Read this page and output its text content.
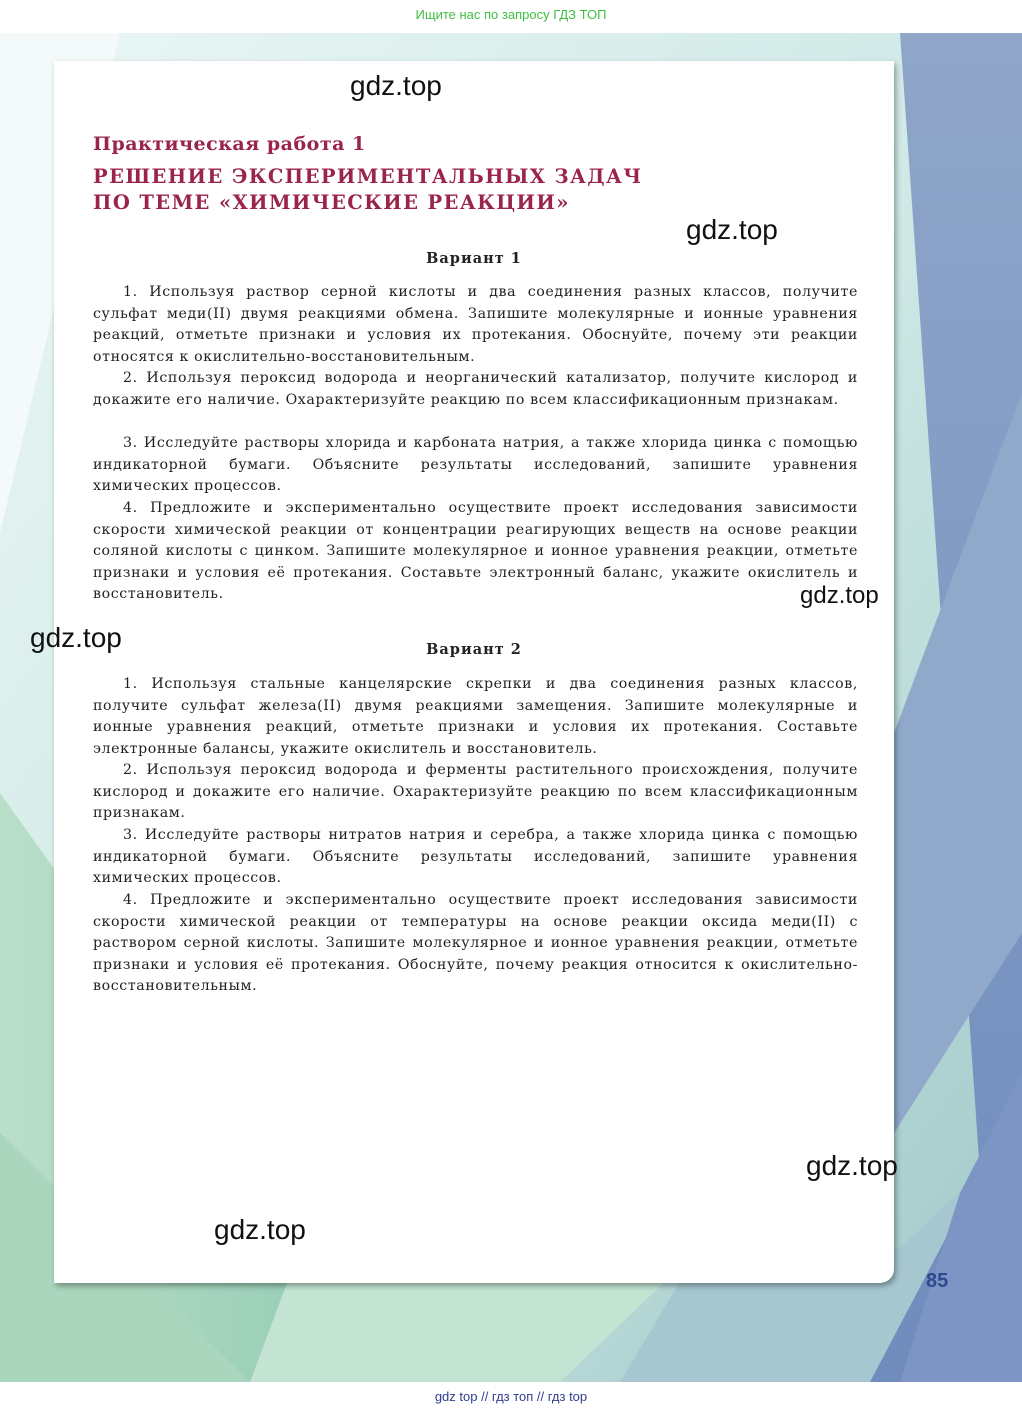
Ищите нас по запросу ГДЗ ТОП
Практическая работа 1
РЕШЕНИЕ ЭКСПЕРИМЕНТАЛЬНЫХ ЗАДАЧ
ПО ТЕМЕ «ХИМИЧЕСКИЕ РЕАКЦИИ»
Вариант 1

1. Используя раствор серной кислоты и два соединения разных классов, получите сульфат меди(II) двумя реакциями обмена. Запишите молекулярные и ионные уравнения реакций, отметьте признаки и условия их протекания. Обоснуйте, почему эти реакции относятся к окислительно-восстановительным.

2. Используя пероксид водорода и неорганический катализатор, получите кислород и докажите его наличие. Охарактеризуйте реакцию по всем классификационным признакам.

3. Исследуйте растворы хлорида и карбоната натрия, а также хлорида цинка с помощью индикаторной бумаги. Объясните результаты исследований, запишите уравнения химических процессов.

4. Предложите и экспериментально осуществите проект исследования зависимости скорости химической реакции от концентрации реагирующих веществ на основе реакции соляной кислоты с цинком. Запишите молекулярное и ионное уравнения реакции, отметьте признаки и условия её протекания. Составьте электронный баланс, укажите окислитель и восстановитель.

Вариант 2

1. Используя стальные канцелярские скрепки и два соединения разных классов, получите сульфат железа(II) двумя реакциями замещения. Запишите молекулярные и ионные уравнения реакций, отметьте признаки и условия их протекания. Составьте электронные балансы, укажите окислитель и восстановитель.

2. Используя пероксид водорода и ферменты растительного происхождения, получите кислород и докажите его наличие. Охарактеризуйте реакцию по всем классификационным признакам.

3. Исследуйте растворы нитратов натрия и серебра, а также хлорида цинка с помощью индикаторной бумаги. Объясните результаты исследований, запишите уравнения химических процессов.

4. Предложите и экспериментально осуществите проект исследования зависимости скорости химической реакции от температуры на основе реакции оксида меди(II) с раствором серной кислоты. Запишите молекулярное и ионное уравнения реакции, отметьте признаки и условия её протекания. Обоснуйте, почему реакция относится к окислительно-восстановительным.

gdz.top
gdz.top
gdz.top
gdz.top
gdz.top
gdz.top
85
gdz top // гдз топ // гдз top
